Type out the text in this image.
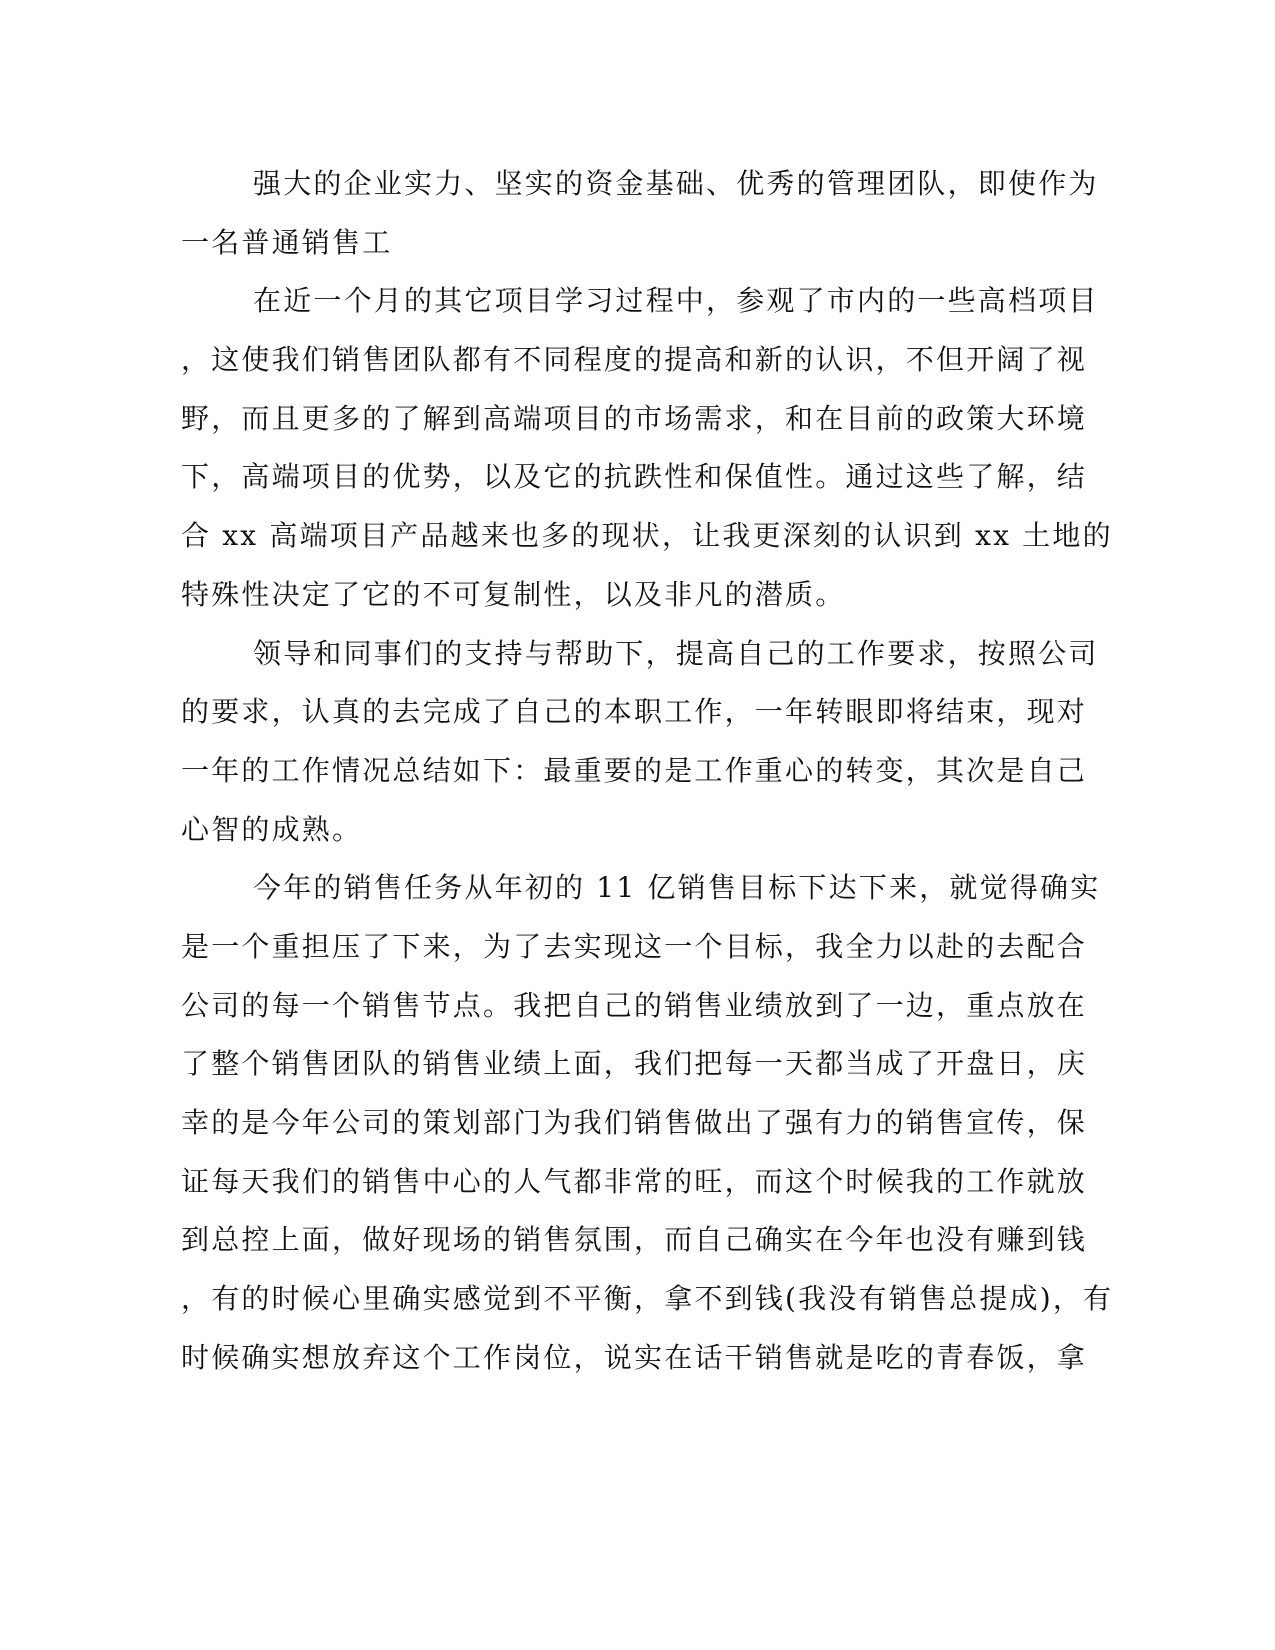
强大的企业实力、坚实的资金基础、优秀的管理团队，即使作为
一名普通销售工
在近一个月的其它项目学习过程中，参观了市内的一些高档项目
，这使我们销售团队都有不同程度的提高和新的认识，不但开阔了视
野，而且更多的了解到高端项目的市场需求，和在目前的政策大环境
下，高端项目的优势，以及它的抗跌性和保值性。通过这些了解，结
合 xx 高端项目产品越来也多的现状，让我更深刻的认识到 xx 土地的
特殊性决定了它的不可复制性，以及非凡的潜质。
领导和同事们的支持与帮助下，提高自己的工作要求，按照公司
的要求，认真的去完成了自己的本职工作，一年转眼即将结束，现对
一年的工作情况总结如下：最重要的是工作重心的转变，其次是自己
心智的成熟。
今年的销售任务从年初的 11 亿销售目标下达下来，就觉得确实
是一个重担压了下来，为了去实现这一个目标，我全力以赴的去配合
公司的每一个销售节点。我把自己的销售业绩放到了一边，重点放在
了整个销售团队的销售业绩上面，我们把每一天都当成了开盘日，庆
幸的是今年公司的策划部门为我们销售做出了强有力的销售宣传，保
证每天我们的销售中心的人气都非常的旺，而这个时候我的工作就放
到总控上面，做好现场的销售氛围，而自己确实在今年也没有赚到钱
，有的时候心里确实感觉到不平衡，拿不到钱(我没有销售总提成)，有
时候确实想放弃这个工作岗位，说实在话干销售就是吃的青春饭，拿
